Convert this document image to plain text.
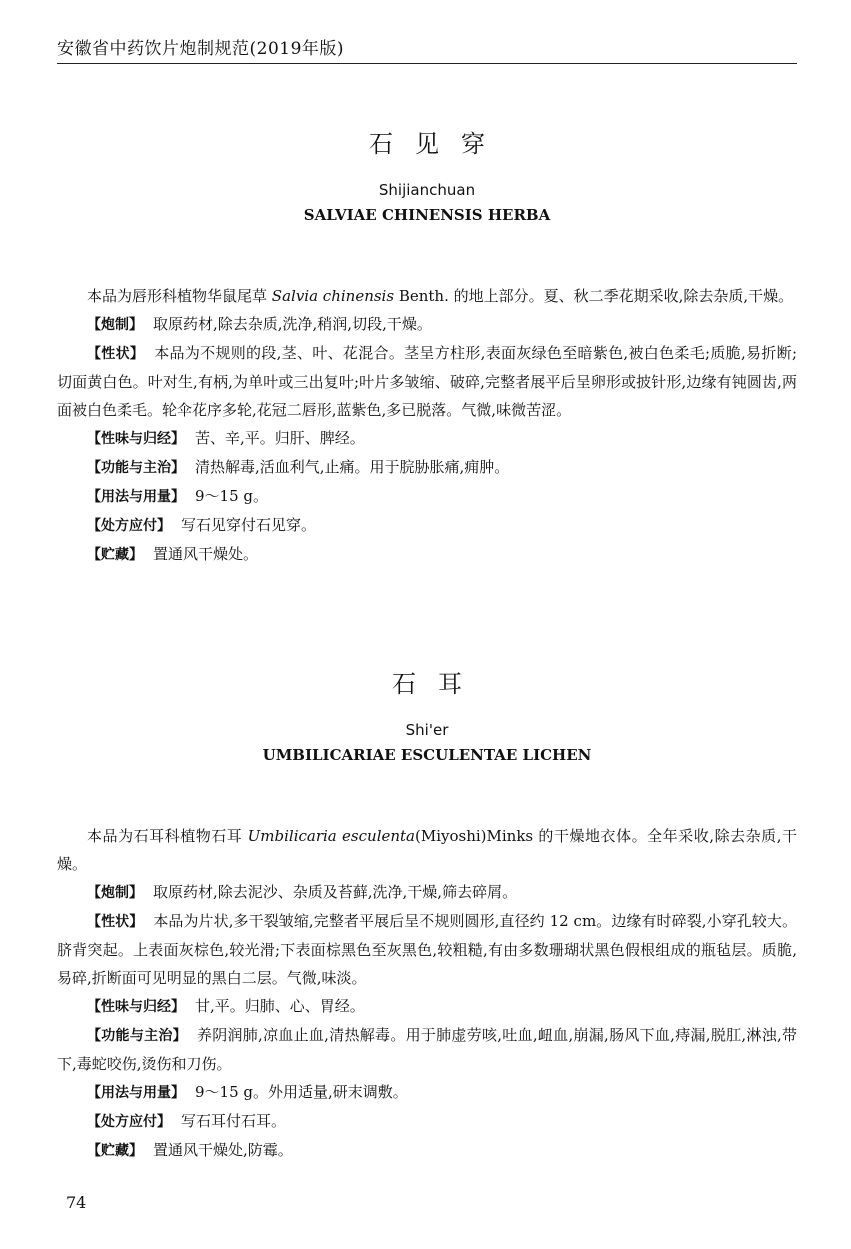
安徽省中药饮片炮制规范(2019年版)
石见穿
Shijianchuan
SALVIAE CHINENSIS HERBA

本品为唇形科植物华鼠尾草 Salvia chinensis Benth. 的地上部分。夏、秋二季花期采收,除去杂质,干燥。

【炮制】 取原药材,除去杂质,洗净,稍润,切段,干燥。

【性状】 本品为不规则的段,茎、叶、花混合。茎呈方柱形,表面灰绿色至暗紫色,被白色柔毛;质脆,易折断;切面黄白色。叶对生,有柄,为单叶或三出复叶;叶片多皱缩、破碎,完整者展平后呈卵形或披针形,边缘有钝圆齿,两面被白色柔毛。轮伞花序多轮,花冠二唇形,蓝紫色,多已脱落。气微,味微苦涩。

【性味与归经】 苦、辛,平。归肝、脾经。

【功能与主治】 清热解毒,活血利气,止痛。用于脘胁胀痛,痈肿。

【用法与用量】 9～15 g。

【处方应付】 写石见穿付石见穿。

【贮藏】 置通风干燥处。

石耳
Shi'er
UMBILICARIAE ESCULENTAE LICHEN

本品为石耳科植物石耳 Umbilicaria esculenta(Miyoshi)Minks 的干燥地衣体。全年采收,除去杂质,干燥。

【炮制】 取原药材,除去泥沙、杂质及苔藓,洗净,干燥,筛去碎屑。

【性状】 本品为片状,多干裂皱缩,完整者平展后呈不规则圆形,直径约 12 cm。边缘有时碎裂,小穿孔较大。脐背突起。上表面灰棕色,较光滑;下表面棕黑色至灰黑色,较粗糙,有由多数珊瑚状黑色假根组成的瓶毡层。质脆,易碎,折断面可见明显的黑白二层。气微,味淡。

【性味与归经】 甘,平。归肺、心、胃经。

【功能与主治】 养阴润肺,凉血止血,清热解毒。用于肺虚劳咳,吐血,衄血,崩漏,肠风下血,痔漏,脱肛,淋浊,带下,毒蛇咬伤,烫伤和刀伤。

【用法与用量】 9～15 g。外用适量,研末调敷。

【处方应付】 写石耳付石耳。

【贮藏】 置通风干燥处,防霉。

74
